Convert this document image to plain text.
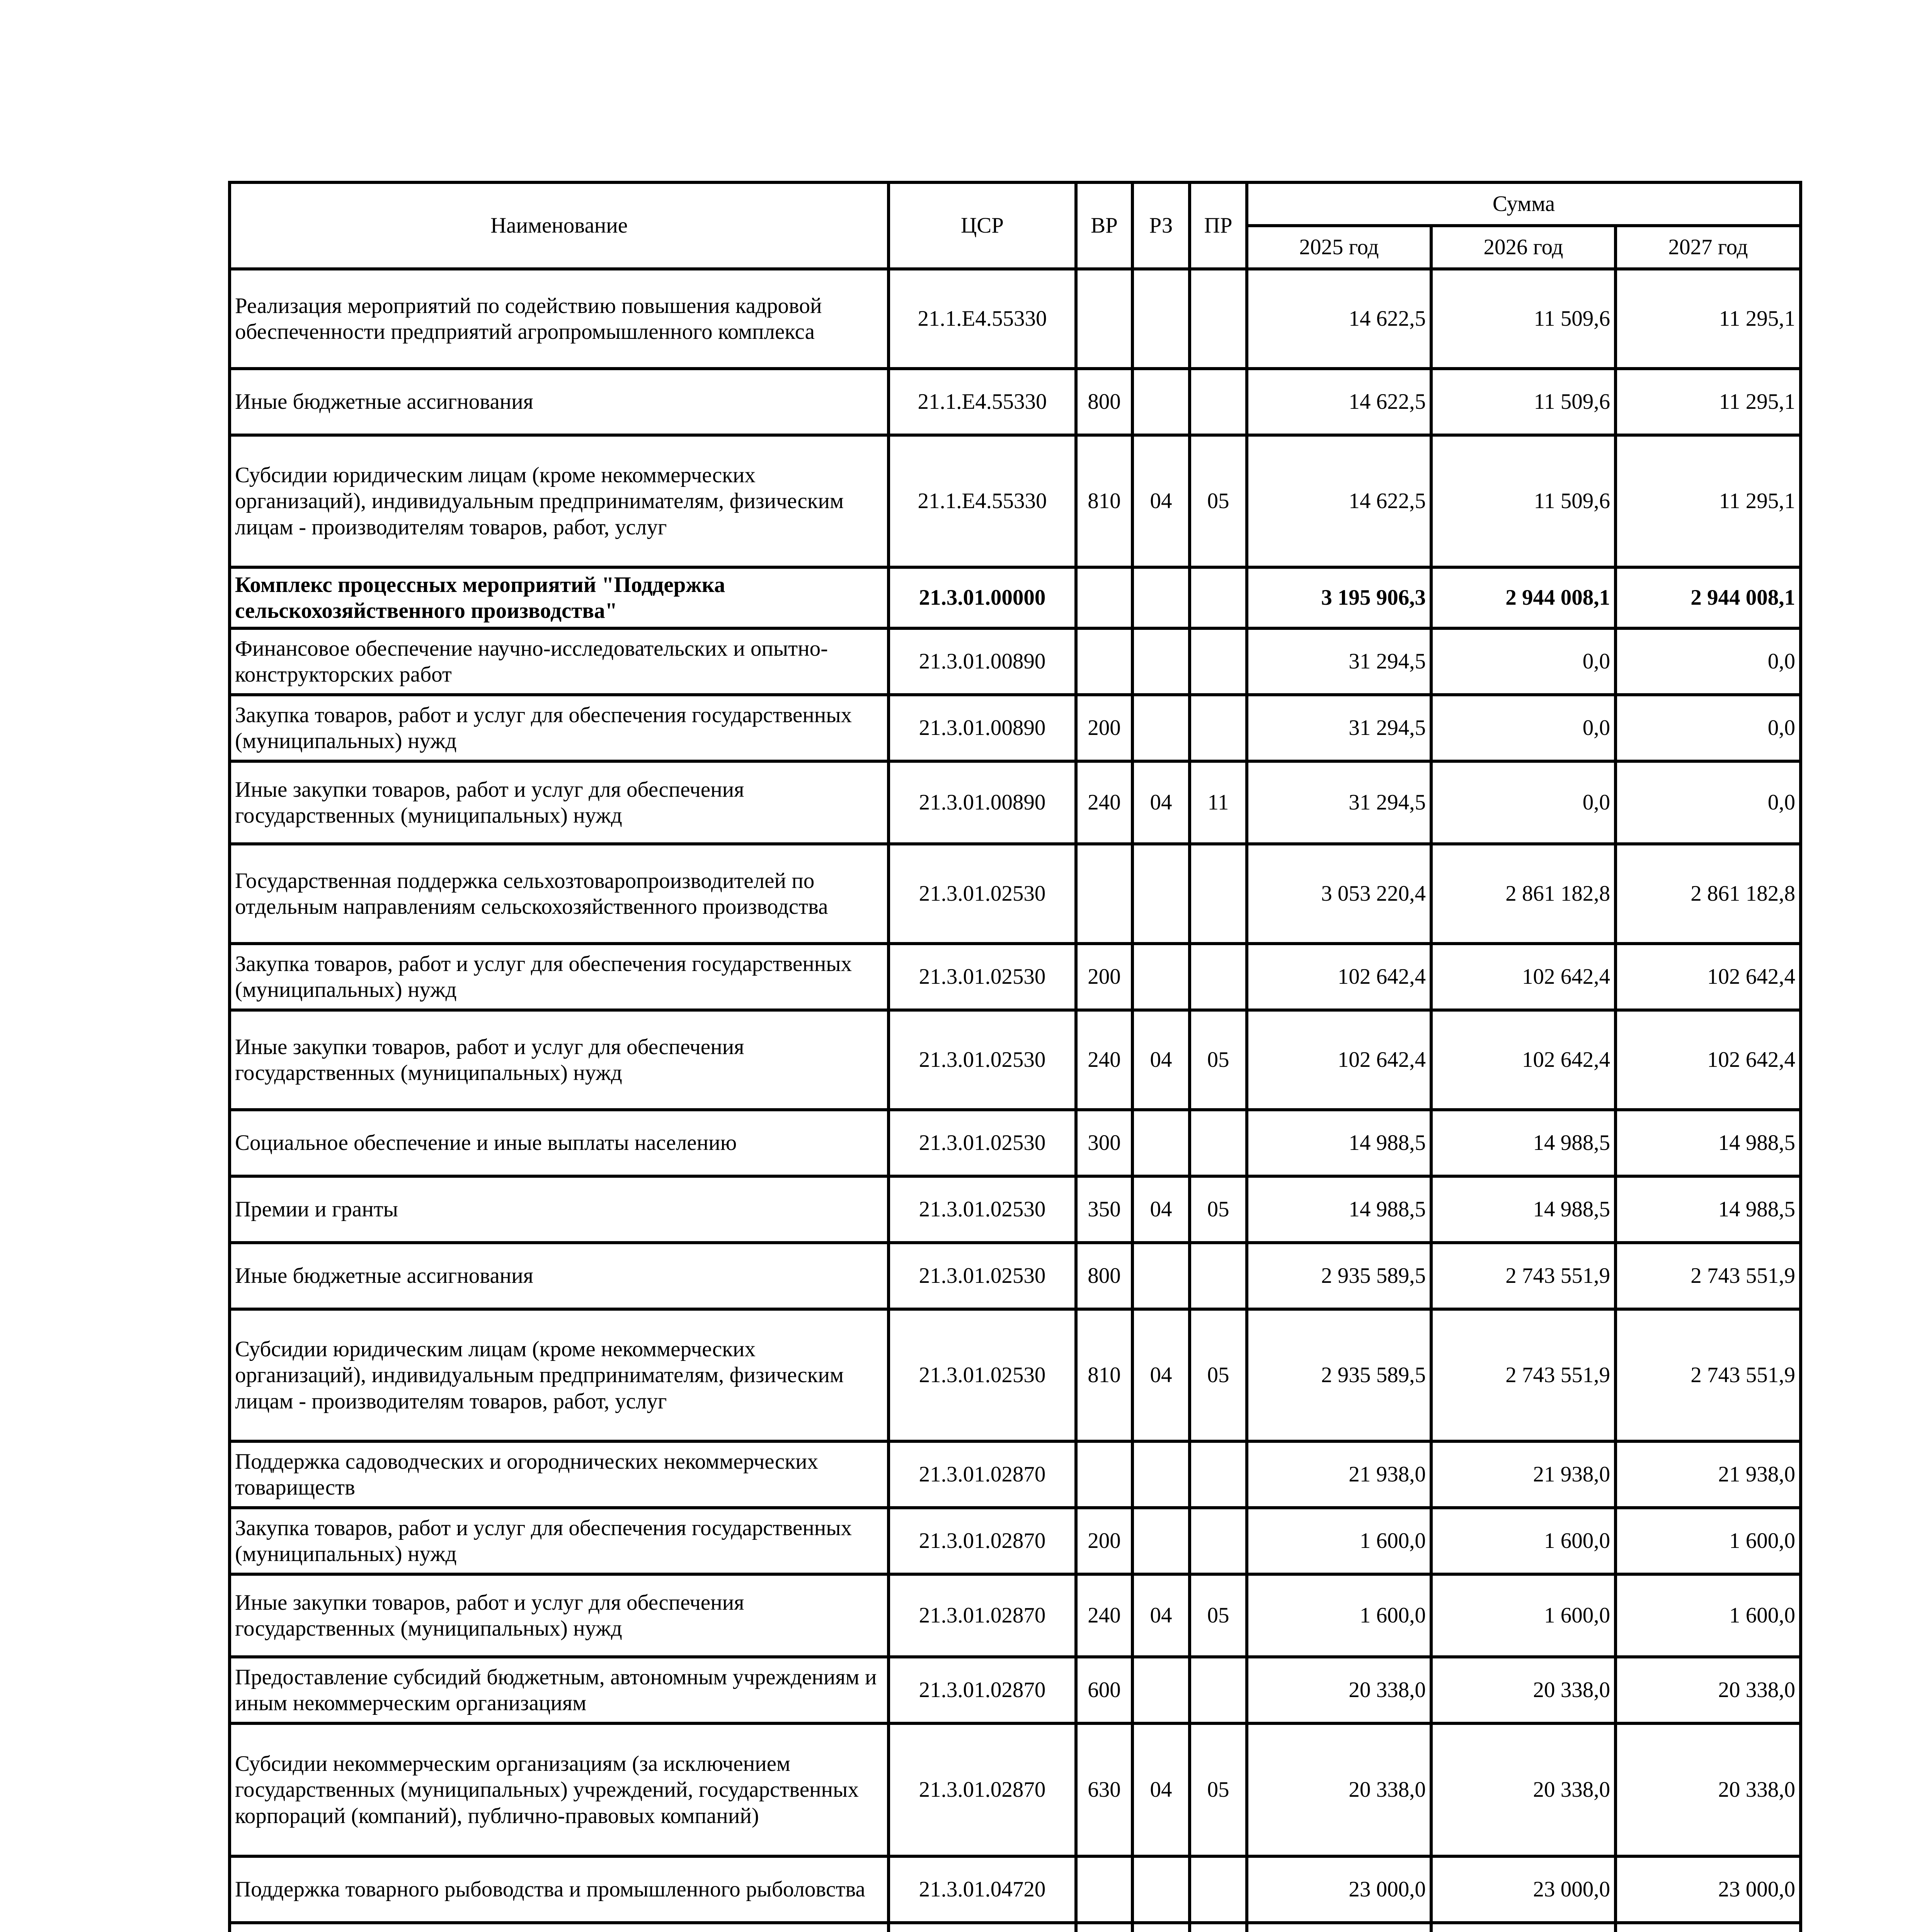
Наименование	ЦСР	ВР	РЗ	ПР	Сумма		
					2025 год	2026 год	2027 год
Реализация мероприятий по содействию повышения кадровой обеспеченности предприятий агропромышленного комплекса	21.1.Е4.55330				14 622,5	11 509,6	11 295,1
Иные бюджетные ассигнования	21.1.Е4.55330	800			14 622,5	11 509,6	11 295,1
Субсидии юридическим лицам (кроме некоммерческих организаций), индивидуальным предпринимателям, физическим лицам - производителям товаров, работ, услуг	21.1.Е4.55330	810	04	05	14 622,5	11 509,6	11 295,1
Комплекс процессных мероприятий "Поддержка сельскохозяйственного производства"	21.3.01.00000				3 195 906,3	2 944 008,1	2 944 008,1
Финансовое обеспечение научно-исследовательских и опытно-конструкторских работ	21.3.01.00890				31 294,5	0,0	0,0
Закупка товаров, работ и услуг для обеспечения государственных (муниципальных) нужд	21.3.01.00890	200			31 294,5	0,0	0,0
Иные закупки товаров, работ и услуг для обеспечения государственных (муниципальных) нужд	21.3.01.00890	240	04	11	31 294,5	0,0	0,0
Государственная поддержка сельхозтоваропроизводителей по отдельным направлениям сельскохозяйственного производства	21.3.01.02530				3 053 220,4	2 861 182,8	2 861 182,8
Закупка товаров, работ и услуг для обеспечения государственных (муниципальных) нужд	21.3.01.02530	200			102 642,4	102 642,4	102 642,4
Иные закупки товаров, работ и услуг для обеспечения государственных (муниципальных) нужд	21.3.01.02530	240	04	05	102 642,4	102 642,4	102 642,4
Социальное обеспечение и иные выплаты населению	21.3.01.02530	300			14 988,5	14 988,5	14 988,5
Премии и гранты	21.3.01.02530	350	04	05	14 988,5	14 988,5	14 988,5
Иные бюджетные ассигнования	21.3.01.02530	800			2 935 589,5	2 743 551,9	2 743 551,9
Субсидии юридическим лицам (кроме некоммерческих организаций), индивидуальным предпринимателям, физическим лицам - производителям товаров, работ, услуг	21.3.01.02530	810	04	05	2 935 589,5	2 743 551,9	2 743 551,9
Поддержка садоводческих и огороднических некоммерческих товариществ	21.3.01.02870				21 938,0	21 938,0	21 938,0
Закупка товаров, работ и услуг для обеспечения государственных (муниципальных) нужд	21.3.01.02870	200			1 600,0	1 600,0	1 600,0
Иные закупки товаров, работ и услуг для обеспечения государственных (муниципальных) нужд	21.3.01.02870	240	04	05	1 600,0	1 600,0	1 600,0
Предоставление субсидий бюджетным, автономным учреждениям и иным некоммерческим организациям	21.3.01.02870	600			20 338,0	20 338,0	20 338,0
Субсидии некоммерческим организациям (за исключением государственных (муниципальных) учреждений, государственных корпораций (компаний), публично-правовых компаний)	21.3.01.02870	630	04	05	20 338,0	20 338,0	20 338,0
Поддержка товарного рыбоводства и промышленного рыболовства	21.3.01.04720				23 000,0	23 000,0	23 000,0
